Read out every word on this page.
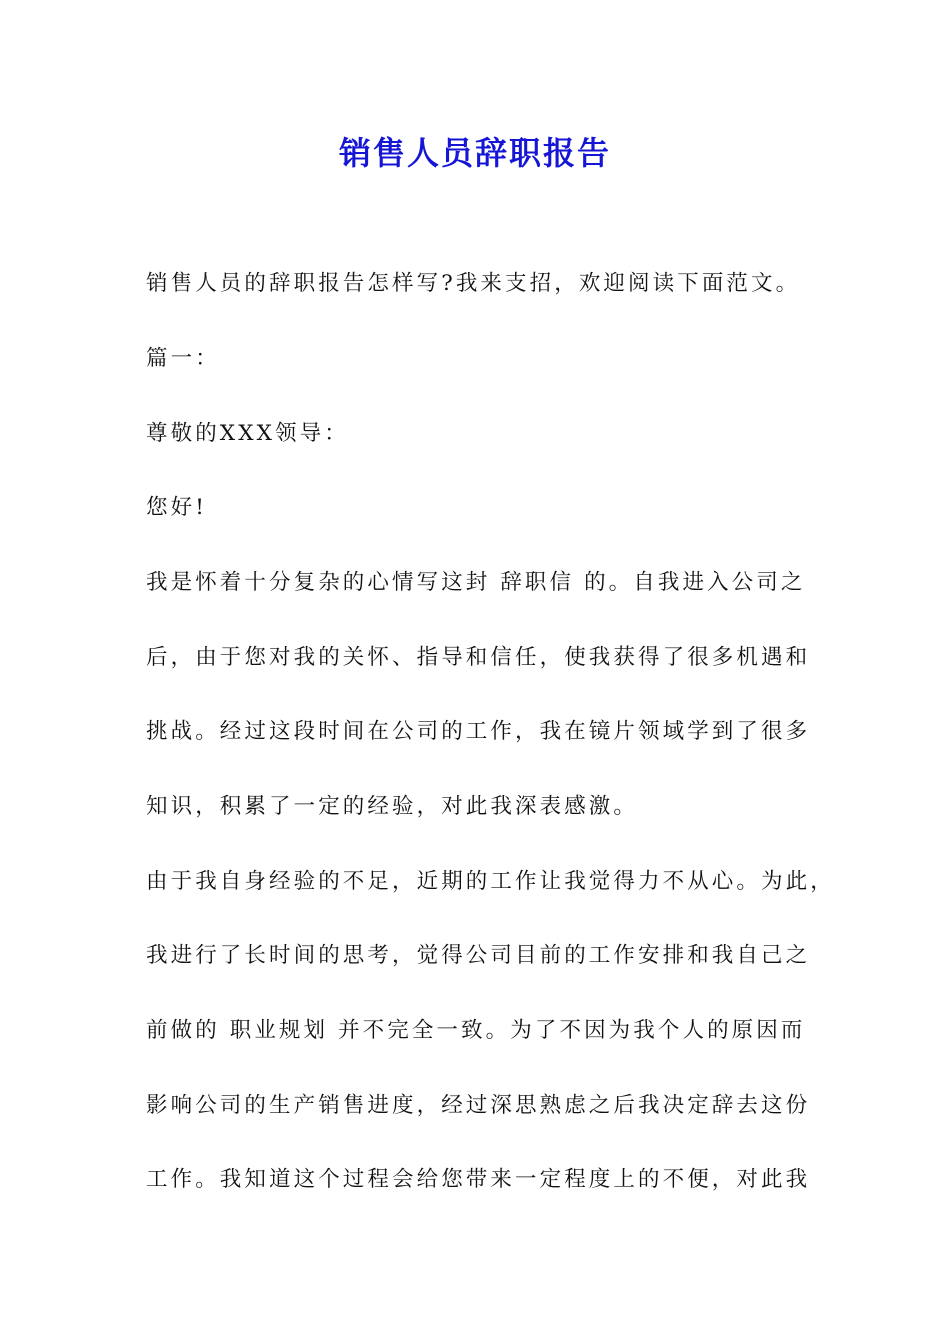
销售人员辞职报告

销售人员的辞职报告怎样写?我来支招，欢迎阅读下面范文。

篇一：

尊敬的XXX领导：

您好!

我是怀着十分复杂的心情写这封 辞职信 的。自我进入公司之

后，由于您对我的关怀、指导和信任，使我获得了很多机遇和

挑战。经过这段时间在公司的工作，我在镜片领域学到了很多

知识，积累了一定的经验，对此我深表感激。

由于我自身经验的不足，近期的工作让我觉得力不从心。为此，

我进行了长时间的思考，觉得公司目前的工作安排和我自己之

前做的 职业规划 并不完全一致。为了不因为我个人的原因而

影响公司的生产销售进度，经过深思熟虑之后我决定辞去这份

工作。我知道这个过程会给您带来一定程度上的不便，对此我
